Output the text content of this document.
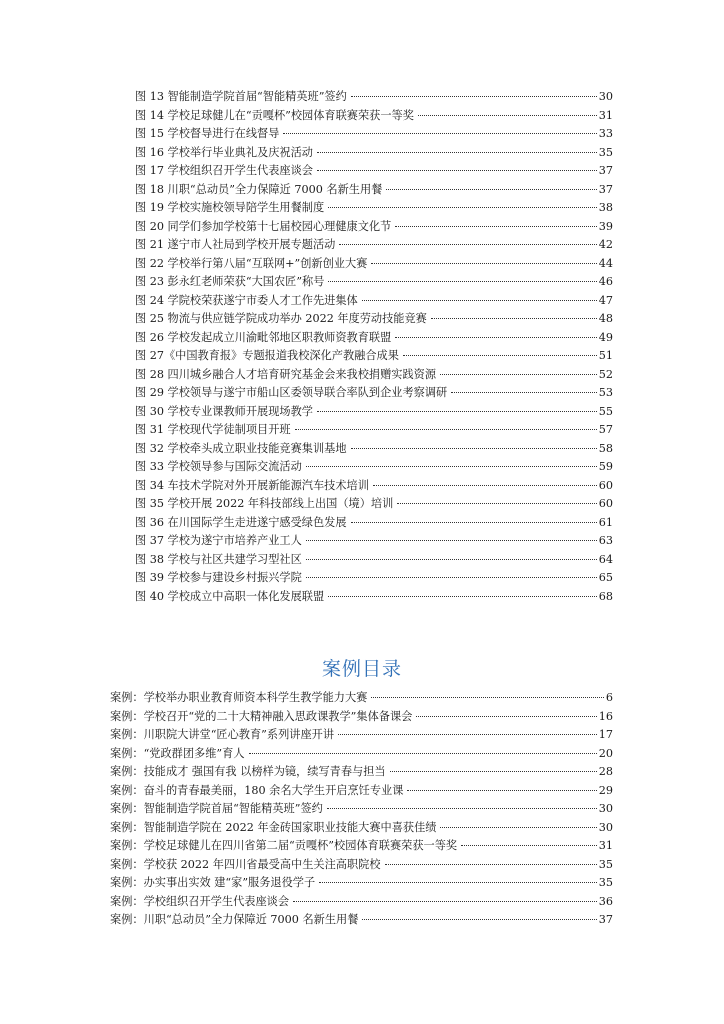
图 13 智能制造学院首届“智能精英班”签约	30
图 14 学校足球健儿在“贡嘎杯”校园体育联赛荣获一等奖	31
图 15 学校督导进行在线督导	33
图 16 学校举行毕业典礼及庆祝活动	35
图 17 学校组织召开学生代表座谈会	37
图 18 川职“总动员”全力保障近 7000 名新生用餐	37
图 19 学校实施校领导陪学生用餐制度	38
图 20 同学们参加学校第十七届校园心理健康文化节	39
图 21 遂宁市人社局到学校开展专题活动	42
图 22 学校举行第八届“互联网+”创新创业大赛	44
图 23 彭永红老师荣获“大国农匠”称号	46
图 24 学院校荣获遂宁市委人才工作先进集体	47
图 25 物流与供应链学院成功举办 2022 年度劳动技能竞赛	48
图 26 学校发起成立川渝毗邻地区职教师资教育联盟	49
图 27《中国教育报》专题报道我校深化产教融合成果	51
图 28 四川城乡融合人才培育研究基金会来我校捐赠实践资源	52
图 29 学校领导与遂宁市船山区委领导联合率队到企业考察调研	53
图 30 学校专业课教师开展现场教学	55
图 31 学校现代学徒制项目开班	57
图 32 学校牵头成立职业技能竞赛集训基地	58
图 33 学校领导参与国际交流活动	59
图 34 车技术学院对外开展新能源汽车技术培训	60
图 35 学校开展 2022 年科技部线上出国（境）培训	60
图 36 在川国际学生走进遂宁感受绿色发展	61
图 37 学校为遂宁市培养产业工人	63
图 38 学校与社区共建学习型社区	64
图 39 学校参与建设乡村振兴学院	65
图 40 学校成立中高职一体化发展联盟	68
案例目录
案例：学校举办职业教育师资本科学生教学能力大赛	6
案例：学校召开“党的二十大精神融入思政课教学”集体备课会	16
案例：川职院大讲堂“匠心教育”系列讲座开讲	17
案例：“党政群团多维”育人	20
案例：技能成才 强国有我 以榜样为镜，续写青春与担当	28
案例：奋斗的青春最美丽，180 余名大学生开启烹饪专业课	29
案例：智能制造学院首届“智能精英班”签约	30
案例：智能制造学院在 2022 年金砖国家职业技能大赛中喜获佳绩	30
案例：学校足球健儿在四川省第二届“贡嘎杯”校园体育联赛荣获一等奖	31
案例：学校获 2022 年四川省最受高中生关注高职院校	35
案例：办实事出实效 建“家”服务退役学子	35
案例：学校组织召开学生代表座谈会	36
案例：川职“总动员”全力保障近 7000 名新生用餐	37
